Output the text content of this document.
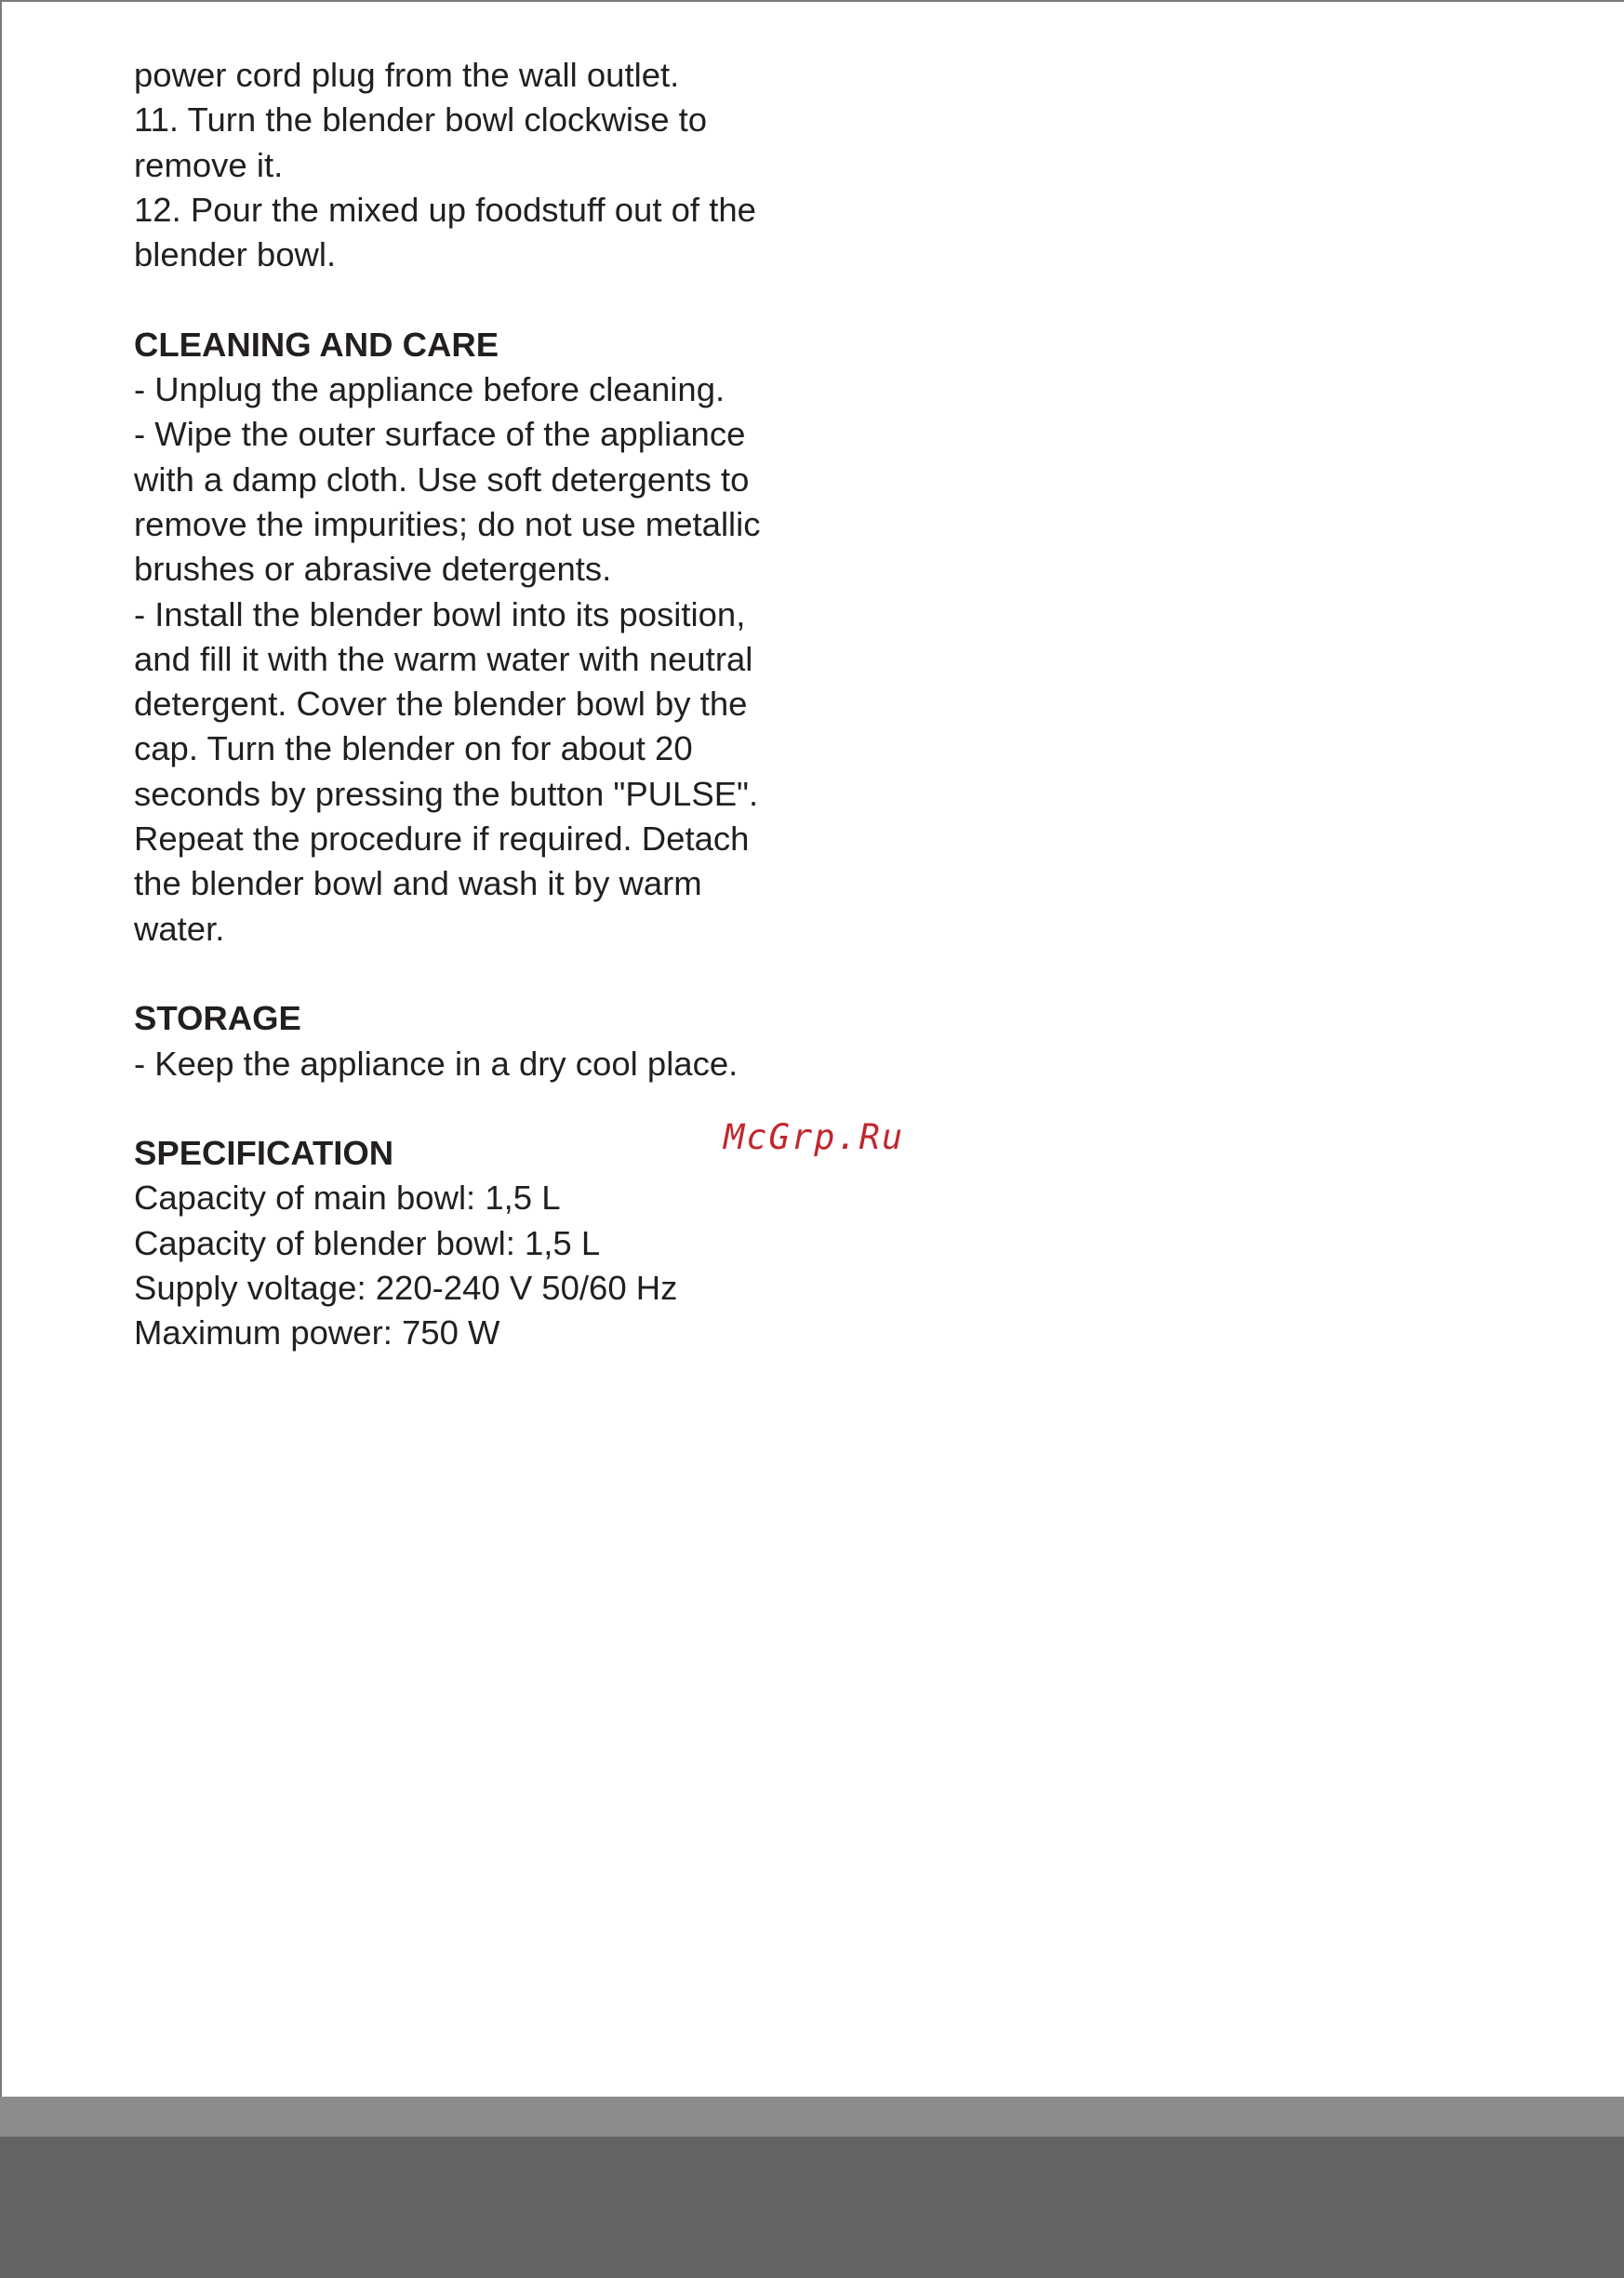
power cord plug from the wall outlet.
11. Turn the blender bowl clockwise to
remove it.
12. Pour the mixed up foodstuff out of the
blender bowl.
CLEANING AND CARE
- Unplug the appliance before cleaning.
- Wipe the outer surface of the appliance
with a damp cloth. Use soft detergents to
remove the impurities; do not use metallic
brushes or abrasive detergents.
- Install the blender bowl into its position,
and fill it with the warm water with neutral
detergent. Cover the blender bowl by the
cap. Turn the blender on for about 20
seconds by pressing the button "PULSE".
Repeat the procedure if required. Detach
the blender bowl and wash it by warm
water.
STORAGE
- Keep the appliance in a dry cool place.
SPECIFICATION
Capacity of main bowl: 1,5 L
Capacity of blender bowl: 1,5 L
Supply voltage: 220-240 V 50/60 Hz
Maximum power: 750 W
McGrp.Ru
